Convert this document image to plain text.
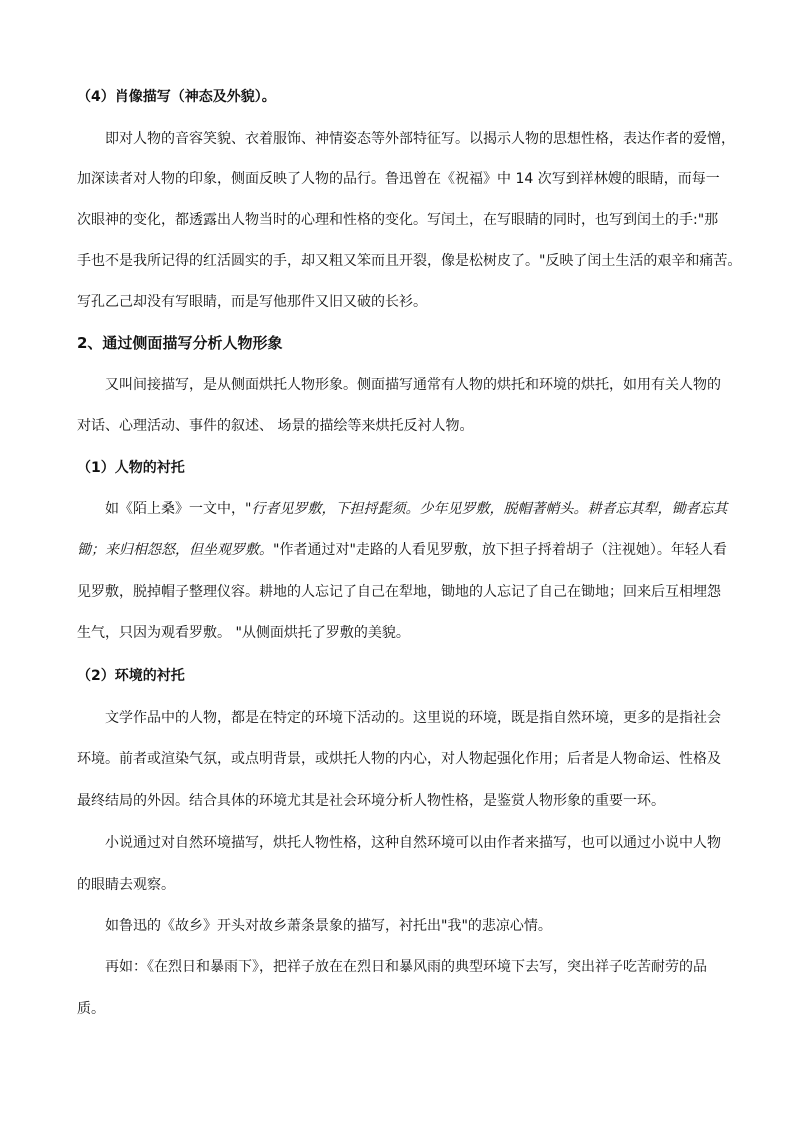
（4）肖像描写（神态及外貌）。
即对人物的音容笑貌、衣着服饰、神情姿态等外部特征写。以揭示人物的思想性格，表达作者的爱憎，
加深读者对人物的印象，侧面反映了人物的品行。鲁迅曾在《祝福》中 14 次写到祥林嫂的眼睛，而每一
次眼神的变化，都透露出人物当时的心理和性格的变化。写闰土，在写眼睛的同时，也写到闰土的手:"那
手也不是我所记得的红活圆实的手，却又粗又笨而且开裂，像是松树皮了。"反映了闰土生活的艰辛和痛苦。
写孔乙己却没有写眼睛，而是写他那件又旧又破的长衫。
2、通过侧面描写分析人物形象
又叫间接描写，是从侧面烘托人物形象。侧面描写通常有人物的烘托和环境的烘托，如用有关人物的
对话、心理活动、事件的叙述、 场景的描绘等来烘托反衬人物。
（1）人物的衬托
如《陌上桑》一文中，"行者见罗敷，下担捋髭须。少年见罗敷，脱帽著帩头。耕者忘其犁，锄者忘其
锄；来归相怨怒，但坐观罗敷。"作者通过对"走路的人看见罗敷，放下担子捋着胡子（注视她）。年轻人看
见罗敷，脱掉帽子整理仪容。耕地的人忘记了自己在犁地，锄地的人忘记了自己在锄地；回来后互相埋怨
生气，只因为观看罗敷。 "从侧面烘托了罗敷的美貌。
（2）环境的衬托
文学作品中的人物，都是在特定的环境下活动的。这里说的环境，既是指自然环境，更多的是指社会
环境。前者或渲染气氛，或点明背景，或烘托人物的内心，对人物起强化作用；后者是人物命运、性格及
最终结局的外因。结合具体的环境尤其是社会环境分析人物性格，是鉴赏人物形象的重要一环。
小说通过对自然环境描写，烘托人物性格，这种自然环境可以由作者来描写，也可以通过小说中人物
的眼睛去观察。
如鲁迅的《故乡》开头对故乡萧条景象的描写，衬托出"我"的悲凉心情。
再如：《在烈日和暴雨下》，把祥子放在在烈日和暴风雨的典型环境下去写，突出祥子吃苦耐劳的品
质。
